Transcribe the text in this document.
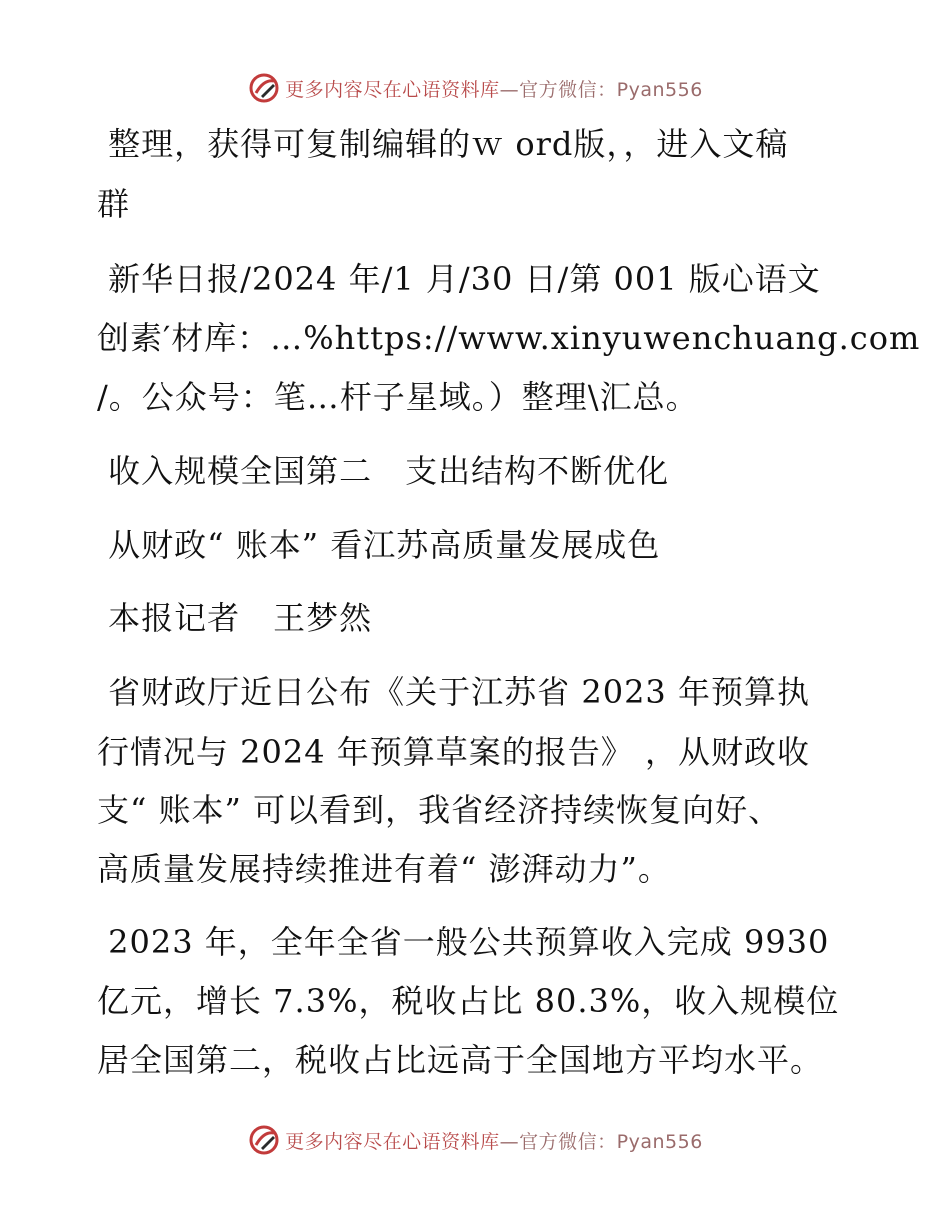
更多内容尽在心语资料库—官方微信：Pyan556
整理，获得可复制编辑的ｗ ord版，，进入文稿
群
新华日报/2024 年/1 月/30 日/第 001 版心语文
创素′材库：…%https://www.xinyuwenchuang.com
/。公众号：笔…杆子星域。）整理\汇总。
收入规模全国第二　支出结构不断优化
从财政“ 账本” 看江苏高质量发展成色
本报记者　王梦然
省财政厅近日公布《关于江苏省 2023 年预算执
行情况与 2024 年预算草案的报告》 ，从财政收
支“ 账本” 可以看到，我省经济持续恢复向好、
高质量发展持续推进有着“ 澎湃动力”。
2023 年，全年全省一般公共预算收入完成 9930
亿元，增长 7.3%，税收占比 80.3%，收入规模位
居全国第二，税收占比远高于全国地方平均水平。
更多内容尽在心语资料库—官方微信：Pyan556
